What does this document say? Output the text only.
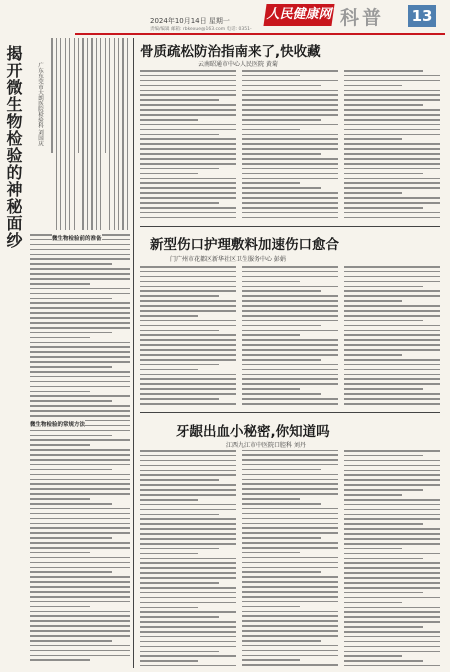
2024年10月14日 星期一
责编/编辑 邮箱: rbkexue@163.com 电话: 0351-
人民健康网 科普 13
揭开微生物检验的神秘面纱	广东东莞市大朗医院检验科 刘国庆
微生物检验前的准备
微生物检验的常规方法
骨质疏松防治指南来了,快收藏
云南昭通市中心人民医院 黄菊
新型伤口护理敷料加速伤口愈合
门广州市花都区新华社区卫生服务中心 彭娟
牙龈出血小秘密,你知道吗
江西九江市中医院口腔科 刘丹
